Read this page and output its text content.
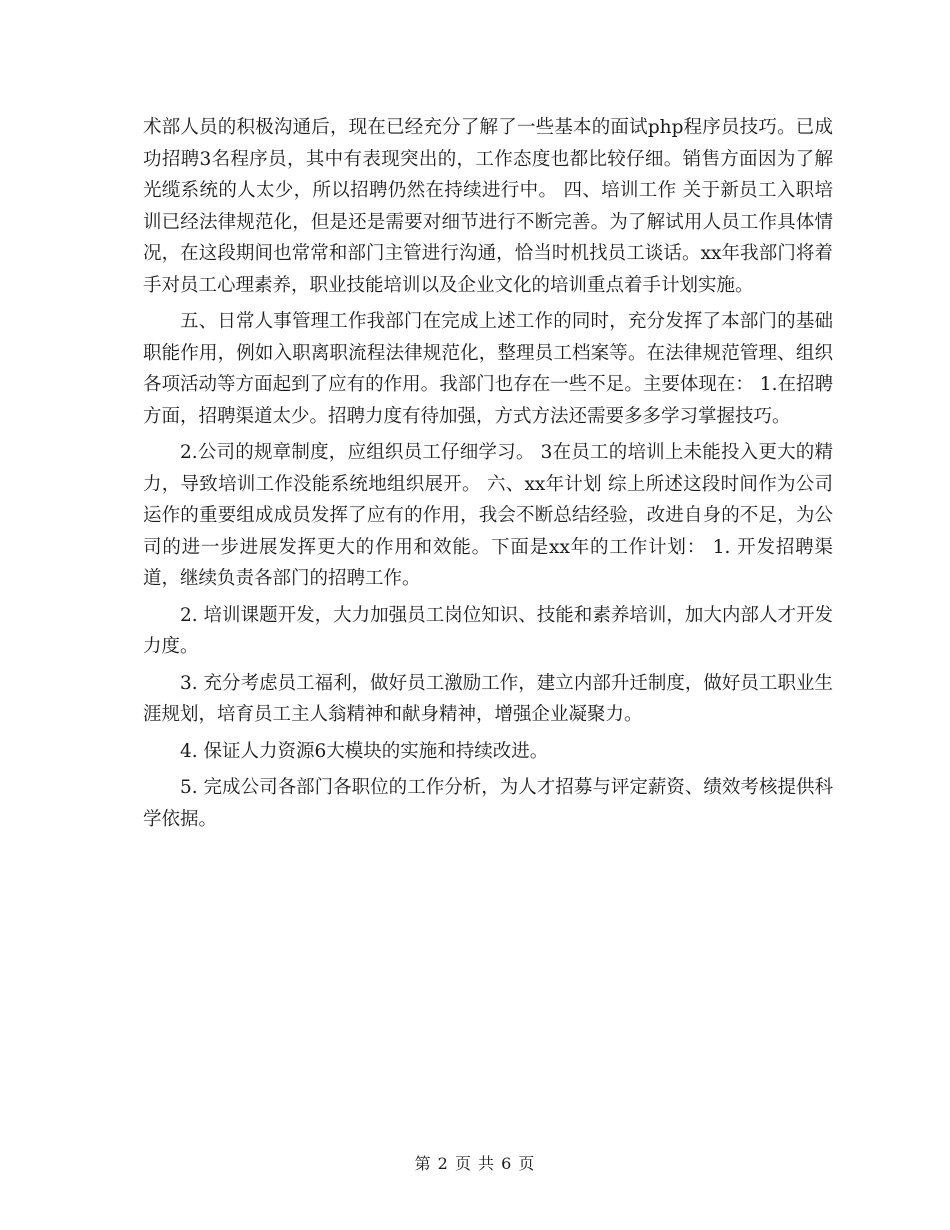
术部人员的积极沟通后，现在已经充分了解了一些基本的面试php程序员技巧。已成功招聘3名程序员，其中有表现突出的，工作态度也都比较仔细。销售方面因为了解光缆系统的人太少，所以招聘仍然在持续进行中。 四、培训工作 关于新员工入职培训已经法律规范化，但是还是需要对细节进行不断完善。为了解试用人员工作具体情况，在这段期间也常常和部门主管进行沟通，恰当时机找员工谈话。xx年我部门将着手对员工心理素养，职业技能培训以及企业文化的培训重点着手计划实施。

五、日常人事管理工作我部门在完成上述工作的同时，充分发挥了本部门的基础职能作用，例如入职离职流程法律规范化，整理员工档案等。在法律规范管理、组织各项活动等方面起到了应有的作用。我部门也存在一些不足。主要体现在： 1.在招聘方面，招聘渠道太少。招聘力度有待加强，方式方法还需要多多学习掌握技巧。

2.公司的规章制度，应组织员工仔细学习。 3在员工的培训上未能投入更大的精力，导致培训工作没能系统地组织展开。 六、xx年计划 综上所述这段时间作为公司运作的重要组成成员发挥了应有的作用，我会不断总结经验，改进自身的不足，为公司的进一步进展发挥更大的作用和效能。下面是xx年的工作计划： 1. 开发招聘渠道，继续负责各部门的招聘工作。

2. 培训课题开发，大力加强员工岗位知识、技能和素养培训，加大内部人才开发力度。

3. 充分考虑员工福利，做好员工激励工作，建立内部升迁制度，做好员工职业生涯规划，培育员工主人翁精神和献身精神，增强企业凝聚力。

4. 保证人力资源6大模块的实施和持续改进。

5. 完成公司各部门各职位的工作分析，为人才招募与评定薪资、绩效考核提供科学依据。

第 2 页 共 6 页
